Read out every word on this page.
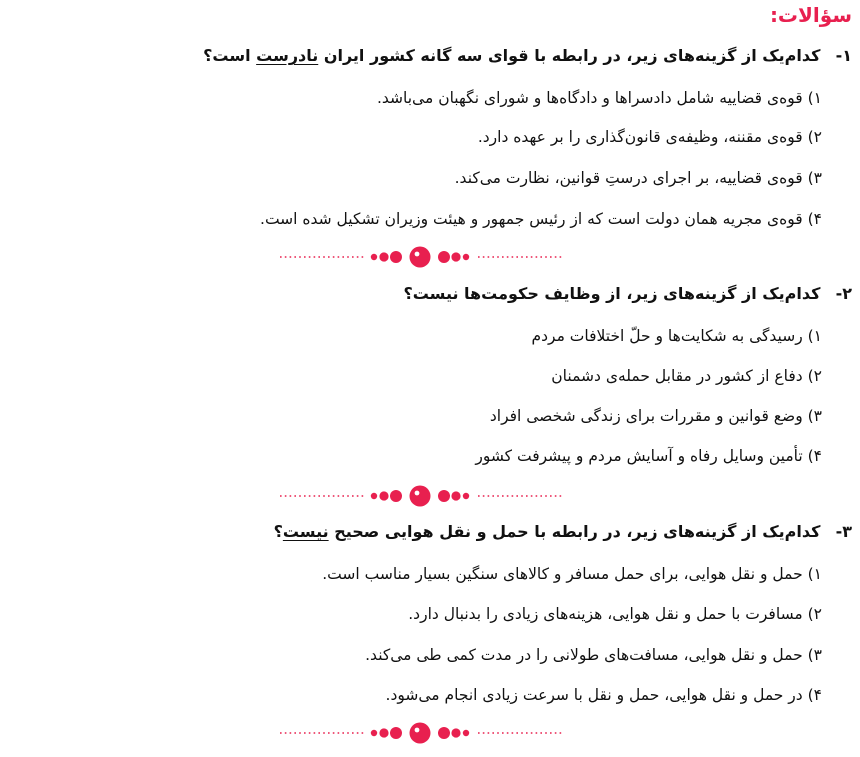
سؤالات:
۱- کدام‌یک از گزینه‌های زیر، در رابطه با قوای سه گانه کشور ایران نادرست است؟
۱) قوه‌ی قضاییه شامل دادسراها و دادگاه‌ها و شورای نگهبان می‌باشد.
۲) قوه‌ی مقننه، وظیفه‌ی قانون‌گذاری را بر عهده دارد.
۳) قوه‌ی قضاییه، بر اجرای درستِ قوانین، نظارت می‌کند.
۴) قوه‌ی مجریه همان دولت است که از رئیس جمهور و هیئت وزیران تشکیل شده است.
۲- کدام‌یک از گزینه‌های زیر، از وظایف حکومت‌ها نیست؟
۱) رسیدگی به شکایت‌ها و حلّ اختلافات مردم
۲) دفاع از کشور در مقابل حمله‌ی دشمنان
۳) وضع قوانین و مقررات برای زندگی شخصی افراد
۴) تأمین وسایل رفاه و آسایش مردم و پیشرفت کشور
۳- کدام‌یک از گزینه‌های زیر، در رابطه با حمل و نقل هوایی صحیح نیست؟
۱) حمل و نقل هوایی، برای حمل مسافر و کالاهای سنگین بسیار مناسب است.
۲) مسافرت با حمل و نقل هوایی، هزینه‌های زیادی را بدنبال دارد.
۳) حمل و نقل هوایی، مسافت‌های طولانی را در مدت کمی طی می‌کند.
۴) در حمل و نقل هوایی، حمل و نقل با سرعت زیادی انجام می‌شود.
